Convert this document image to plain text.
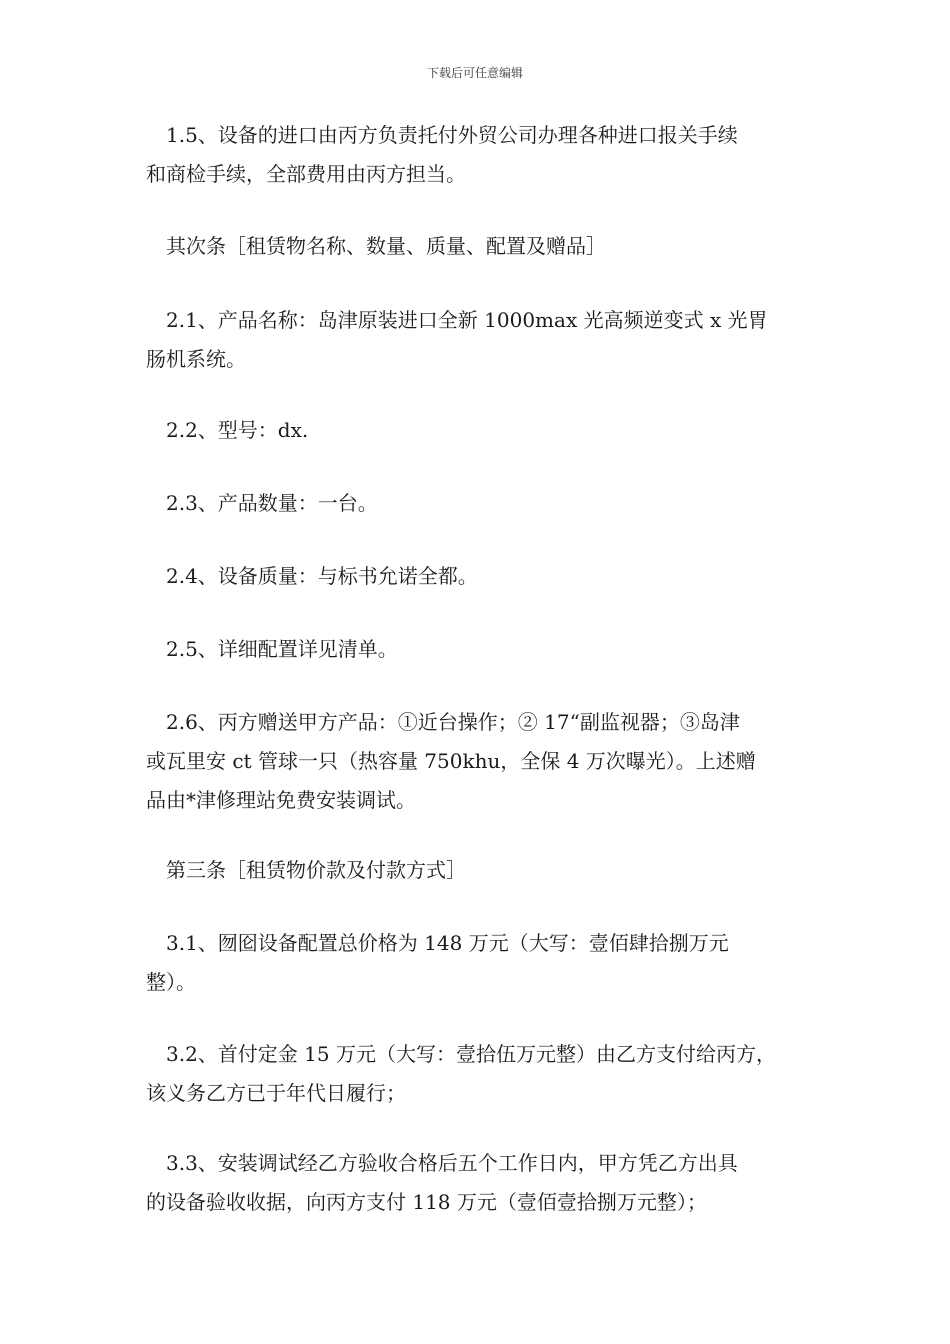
下载后可任意编辑
1.5、设备的进口由丙方负责托付外贸公司办理各种进口报关手续
和商检手续，全部费用由丙方担当。
其次条［租赁物名称、数量、质量、配置及赠品］
2.1、产品名称：岛津原装进口全新 1000max 光高频逆变式 x 光胃
肠机系统。
2.2、型号：dx.
2.3、产品数量：一台。
2.4、设备质量：与标书允诺全都。
2.5、详细配置详见清单。
2.6、丙方赠送甲方产品：①近台操作；② 17“副监视器；③岛津
或瓦里安 ct 管球一只（热容量 750khu，全保 4 万次曝光）。上述赠
品由*津修理站免费安装调试。
第三条［租赁物价款及付款方式］
3.1、囫囵设备配置总价格为 148 万元（大写：壹佰肆拾捌万元
整）。
3.2、首付定金 15 万元（大写：壹拾伍万元整）由乙方支付给丙方，
该义务乙方已于年代日履行；
3.3、安装调试经乙方验收合格后五个工作日内，甲方凭乙方出具
的设备验收收据，向丙方支付 118 万元（壹佰壹拾捌万元整）；
